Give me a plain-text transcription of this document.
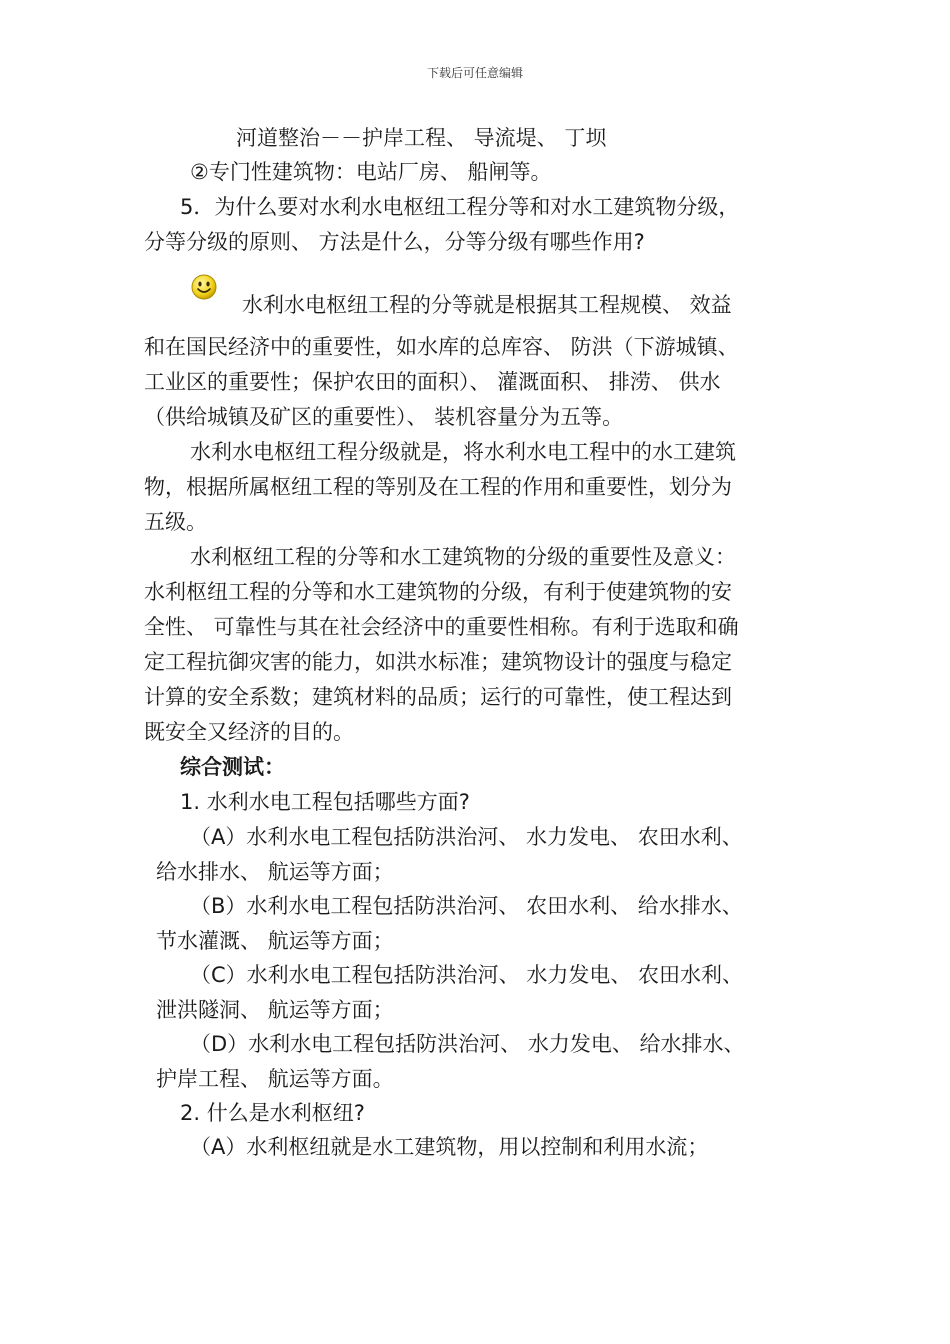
下载后可任意编辑
河道整治－－护岸工程、 导流堤、 丁坝
②专门性建筑物：电站厂房、 船闸等。
5．为什么要对水利水电枢纽工程分等和对水工建筑物分级，
分等分级的原则、 方法是什么，分等分级有哪些作用?
水利水电枢纽工程的分等就是根据其工程规模、 效益
和在国民经济中的重要性，如水库的总库容、 防洪（下游城镇、
工业区的重要性；保护农田的面积）、 灌溉面积、 排涝、 供水
（供给城镇及矿区的重要性）、 装机容量分为五等。
水利水电枢纽工程分级就是，将水利水电工程中的水工建筑
物，根据所属枢纽工程的等别及在工程的作用和重要性，划分为
五级。
水利枢纽工程的分等和水工建筑物的分级的重要性及意义：
水利枢纽工程的分等和水工建筑物的分级，有利于使建筑物的安
全性、 可靠性与其在社会经济中的重要性相称。有利于选取和确
定工程抗御灾害的能力，如洪水标准；建筑物设计的强度与稳定
计算的安全系数；建筑材料的品质；运行的可靠性，使工程达到
既安全又经济的目的。
综合测试：
1. 水利水电工程包括哪些方面?
（A）水利水电工程包括防洪治河、 水力发电、 农田水利、
给水排水、 航运等方面；
（B）水利水电工程包括防洪治河、 农田水利、 给水排水、
节水灌溉、 航运等方面；
（C）水利水电工程包括防洪治河、 水力发电、 农田水利、
泄洪隧洞、 航运等方面；
（D）水利水电工程包括防洪治河、 水力发电、 给水排水、
护岸工程、 航运等方面。
2. 什么是水利枢纽?
（A）水利枢纽就是水工建筑物，用以控制和利用水流；
